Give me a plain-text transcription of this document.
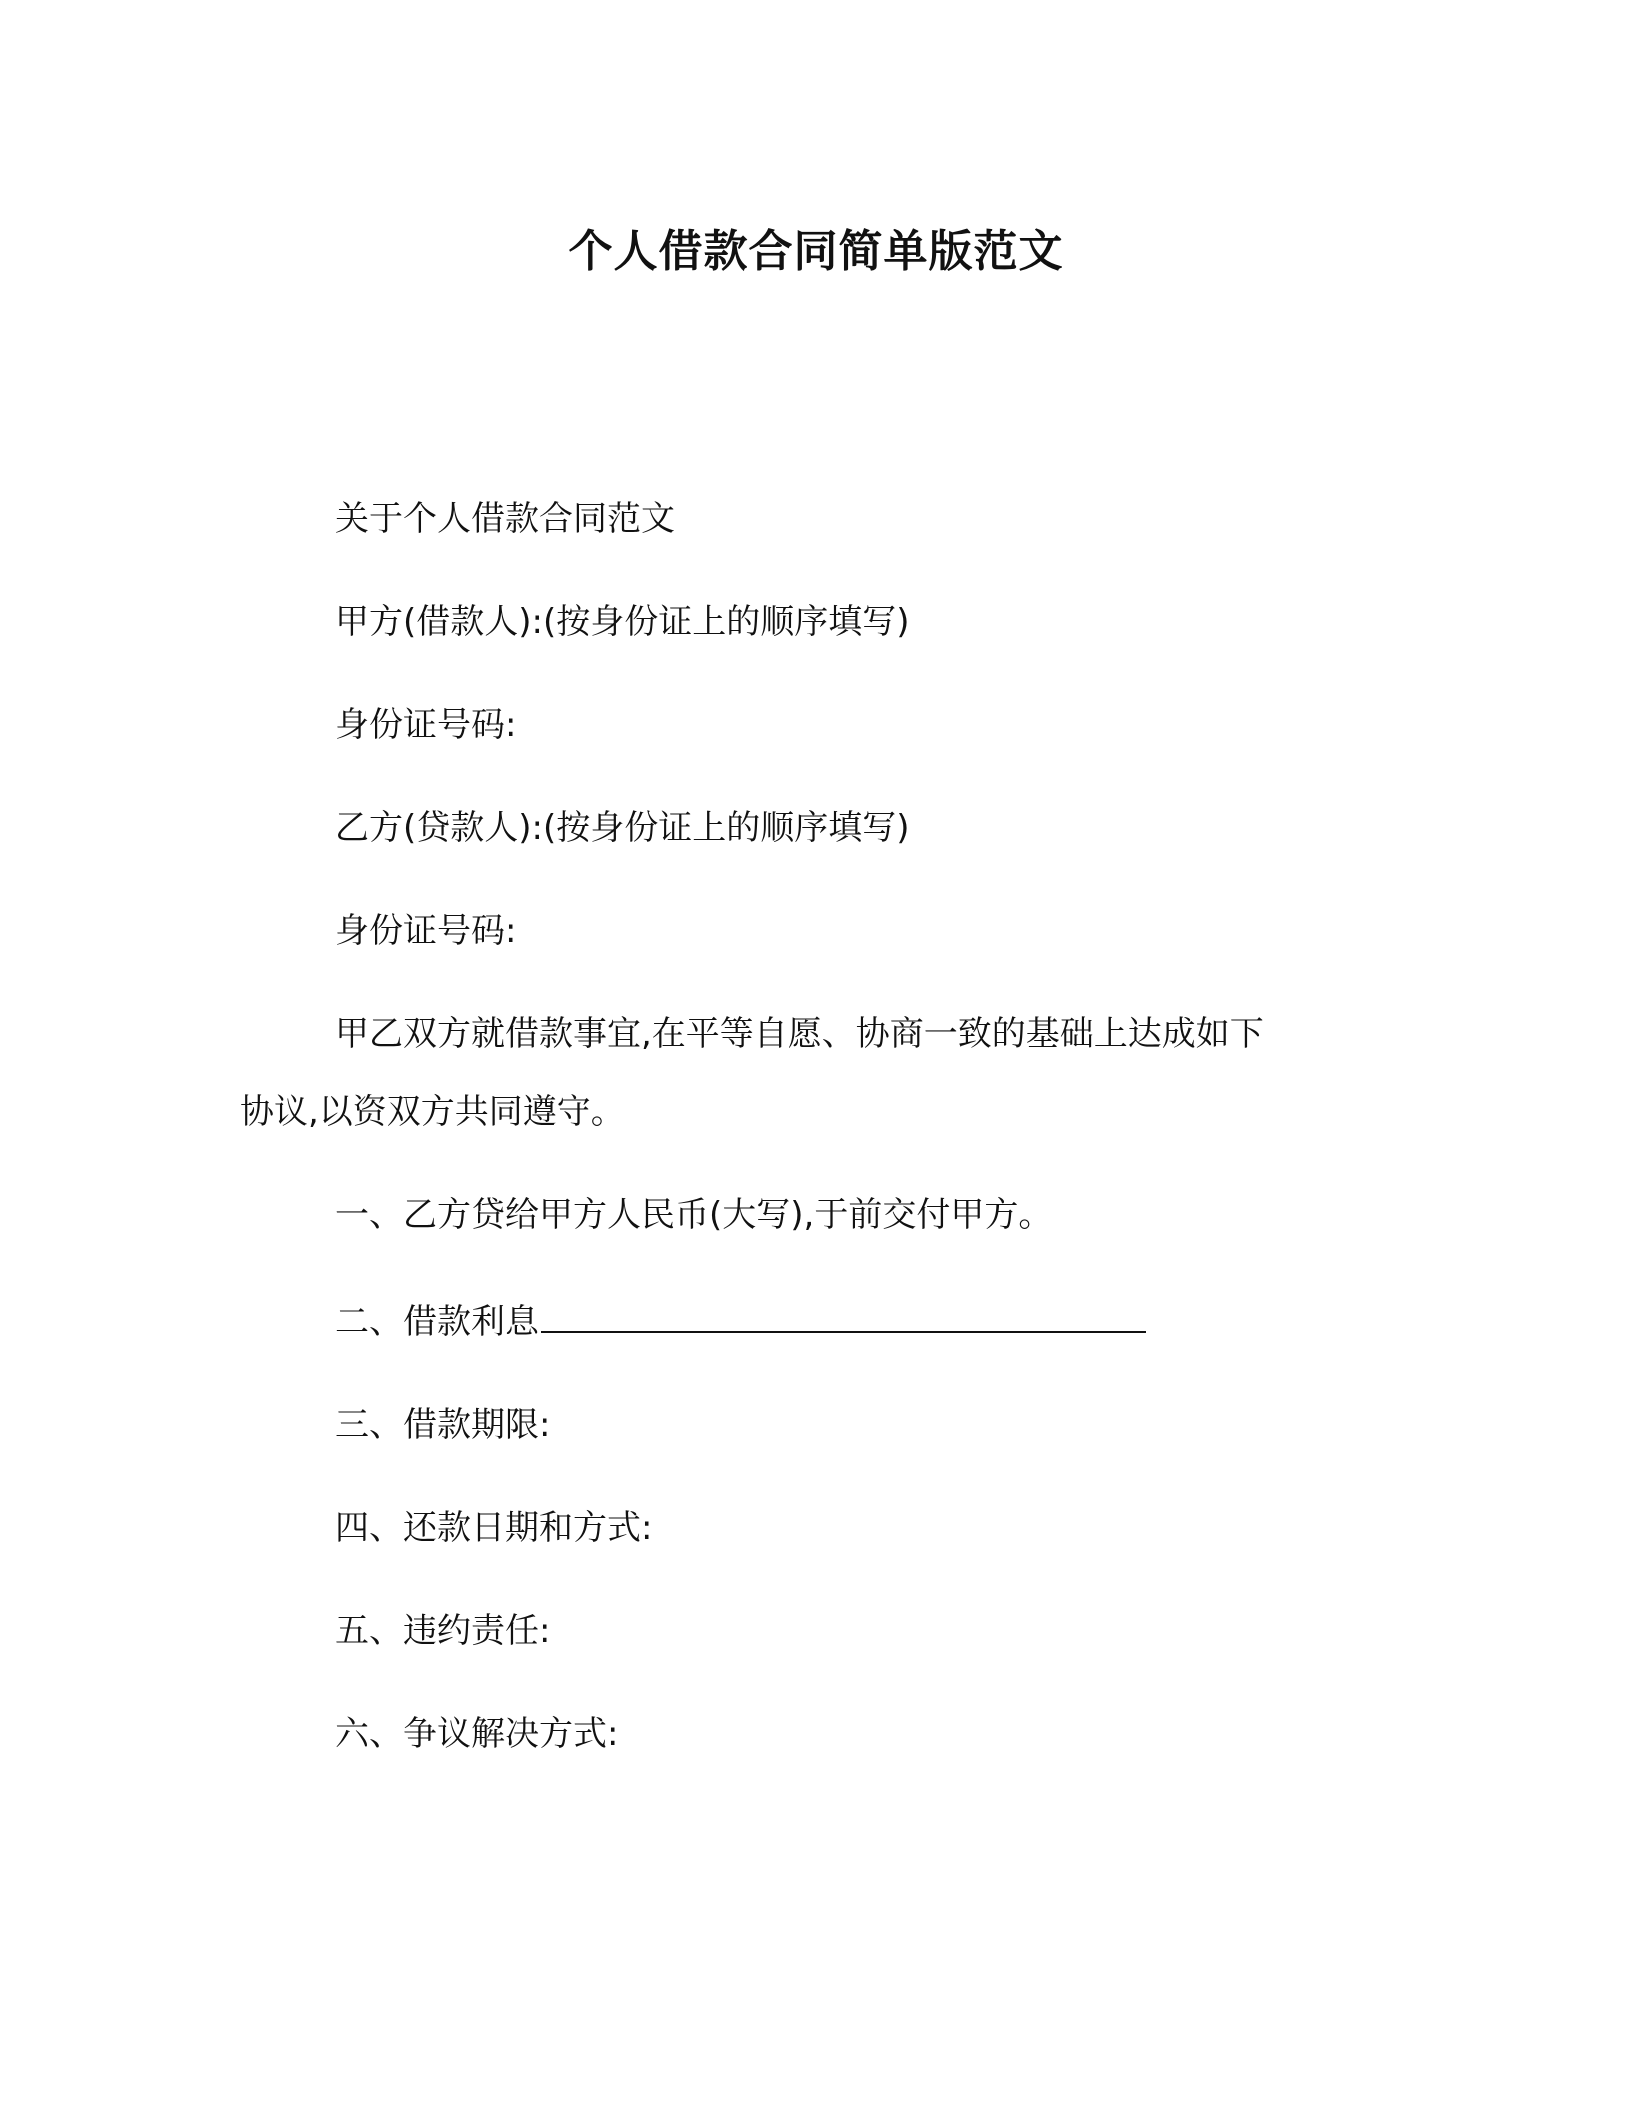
个人借款合同简单版范文
关于个人借款合同范文
甲方(借款人):(按身份证上的顺序填写)
身份证号码:
乙方(贷款人):(按身份证上的顺序填写)
身份证号码:
甲乙双方就借款事宜,在平等自愿、协商一致的基础上达成如下
协议,以资双方共同遵守。
一、乙方贷给甲方人民币(大写),于前交付甲方。
二、借款利息
三、借款期限:
四、还款日期和方式:
五、违约责任:
六、争议解决方式:
